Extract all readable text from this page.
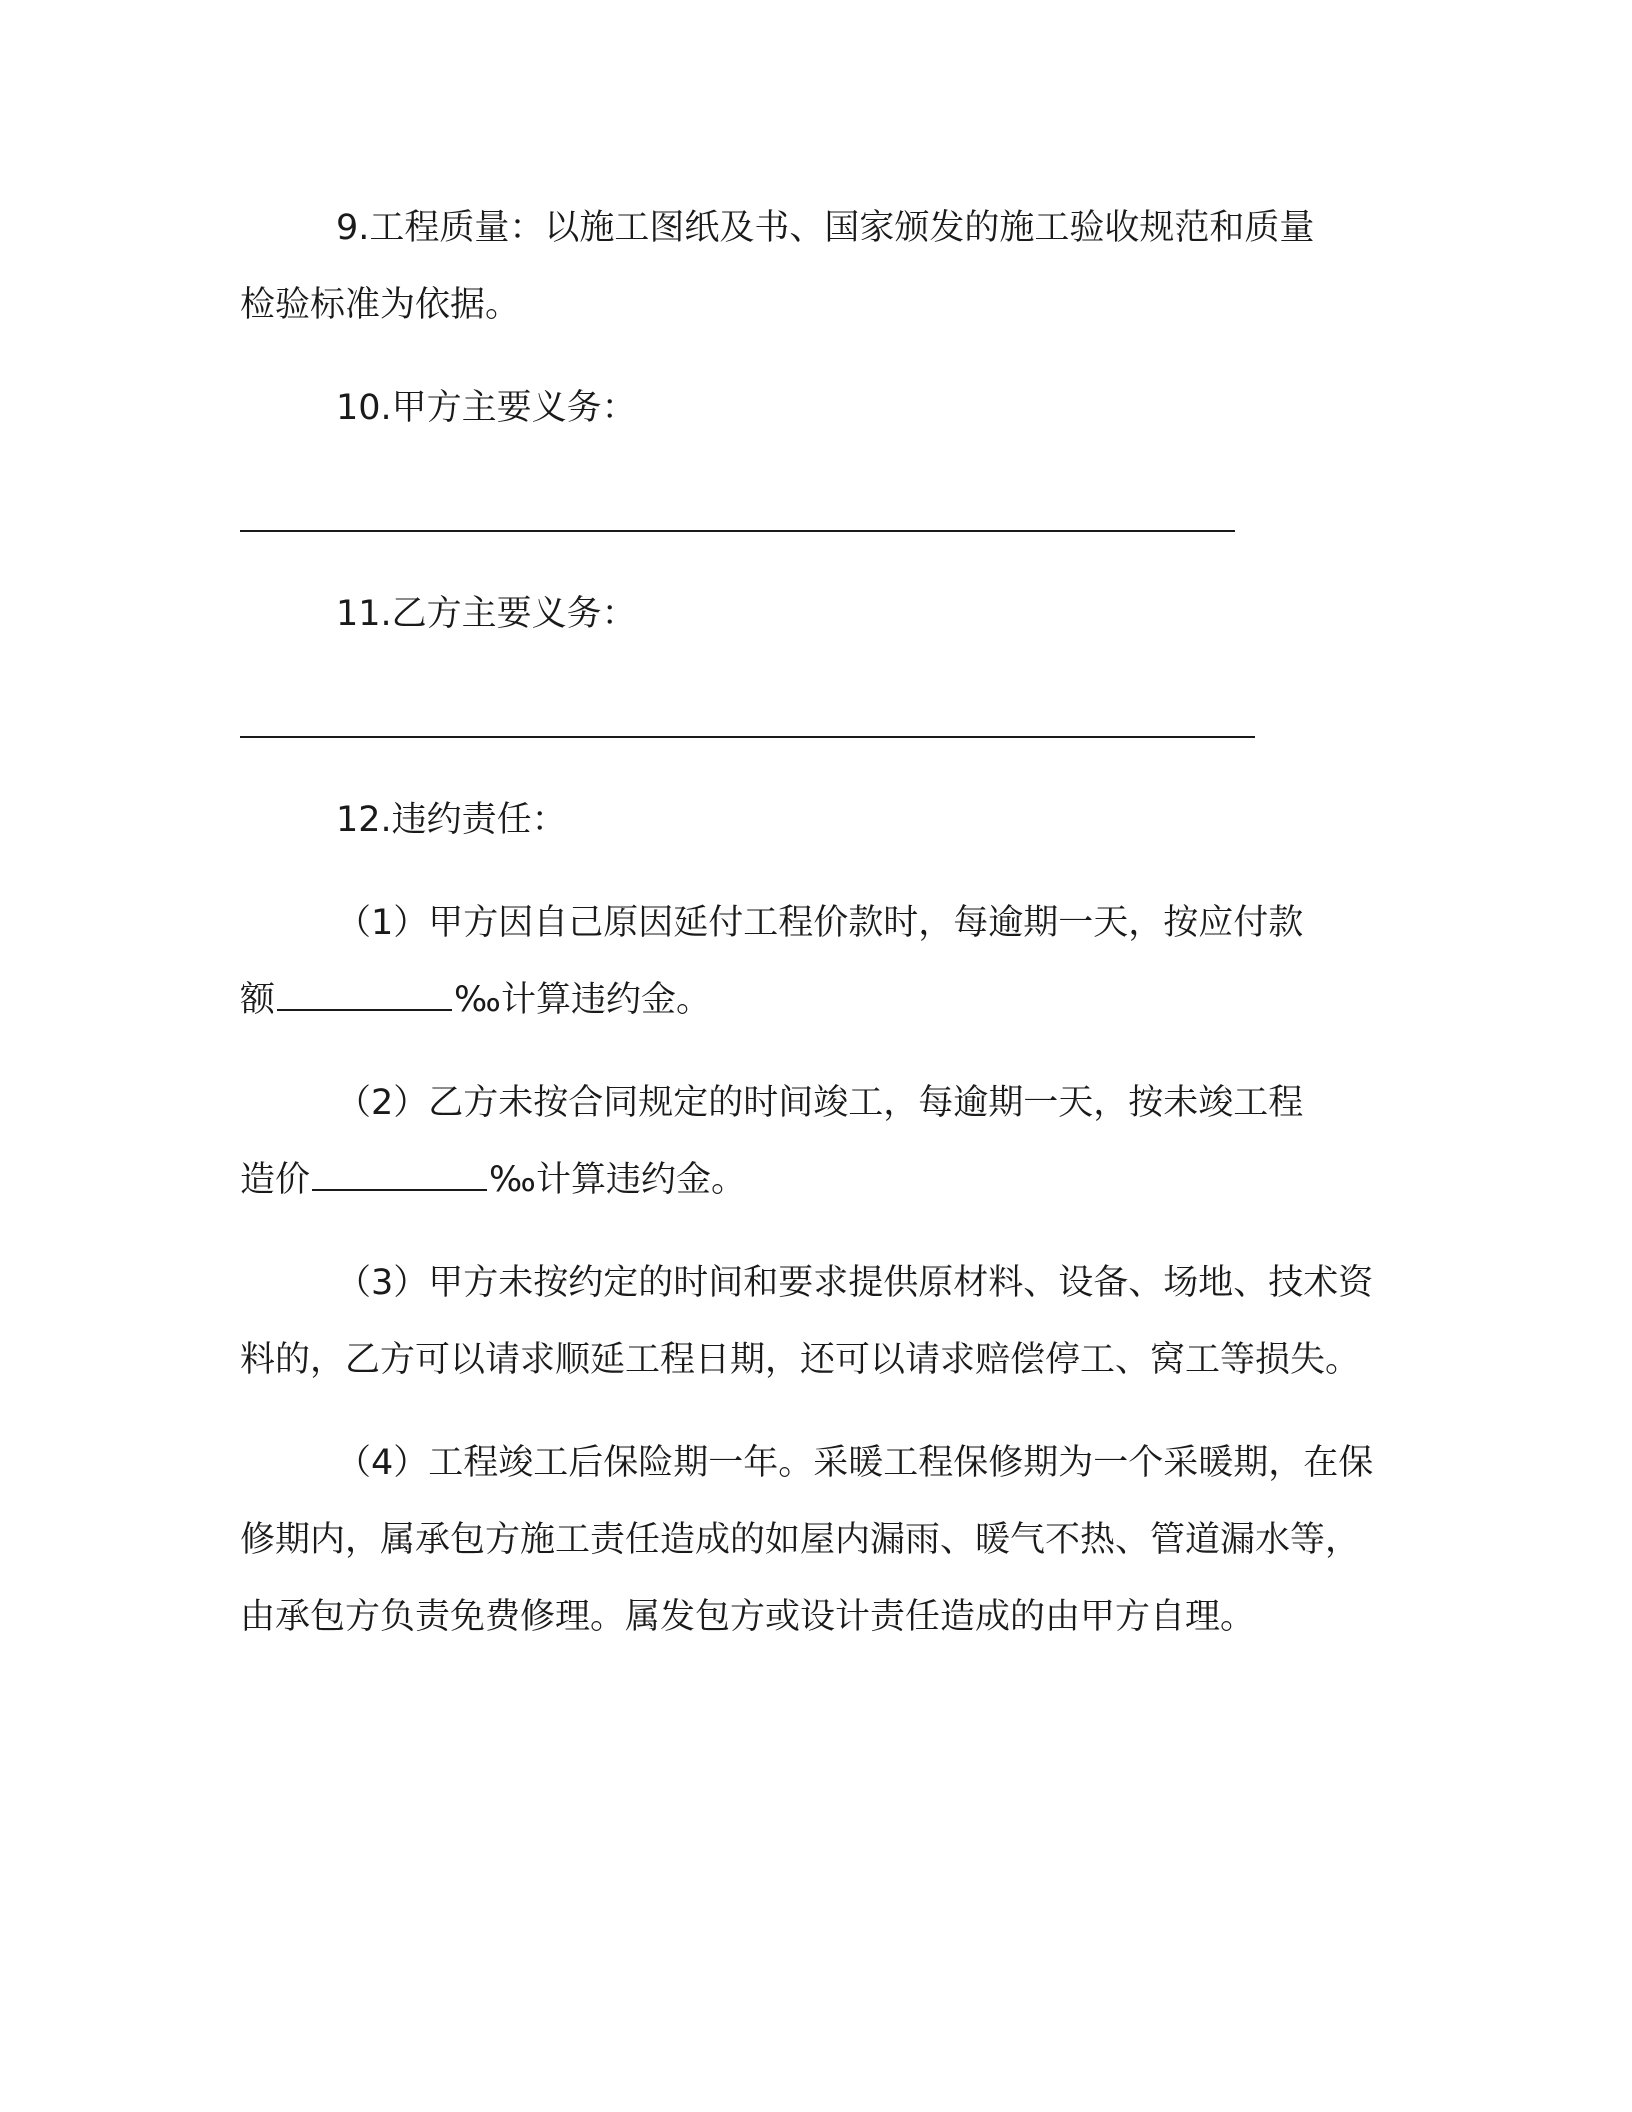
9.工程质量：以施工图纸及书、国家颁发的施工验收规范和质量
检验标准为依据。

10.甲方主要义务：

11.乙方主要义务：

12.违约责任：

（1）甲方因自己原因延付工程价款时，每逾期一天，按应付款
额	‰计算违约金。

（2）乙方未按合同规定的时间竣工，每逾期一天，按未竣工程
造价	‰计算违约金。

（3）甲方未按约定的时间和要求提供原材料、设备、场地、技术资料的，乙方可以请求顺延工程日期，还可以请求赔偿停工、窝工等损失。

（4）工程竣工后保险期一年。采暖工程保修期为一个采暖期，在保修期内，属承包方施工责任造成的如屋内漏雨、暖气不热、管道漏水等，由承包方负责免费修理。属发包方或设计责任造成的由甲方自理。
